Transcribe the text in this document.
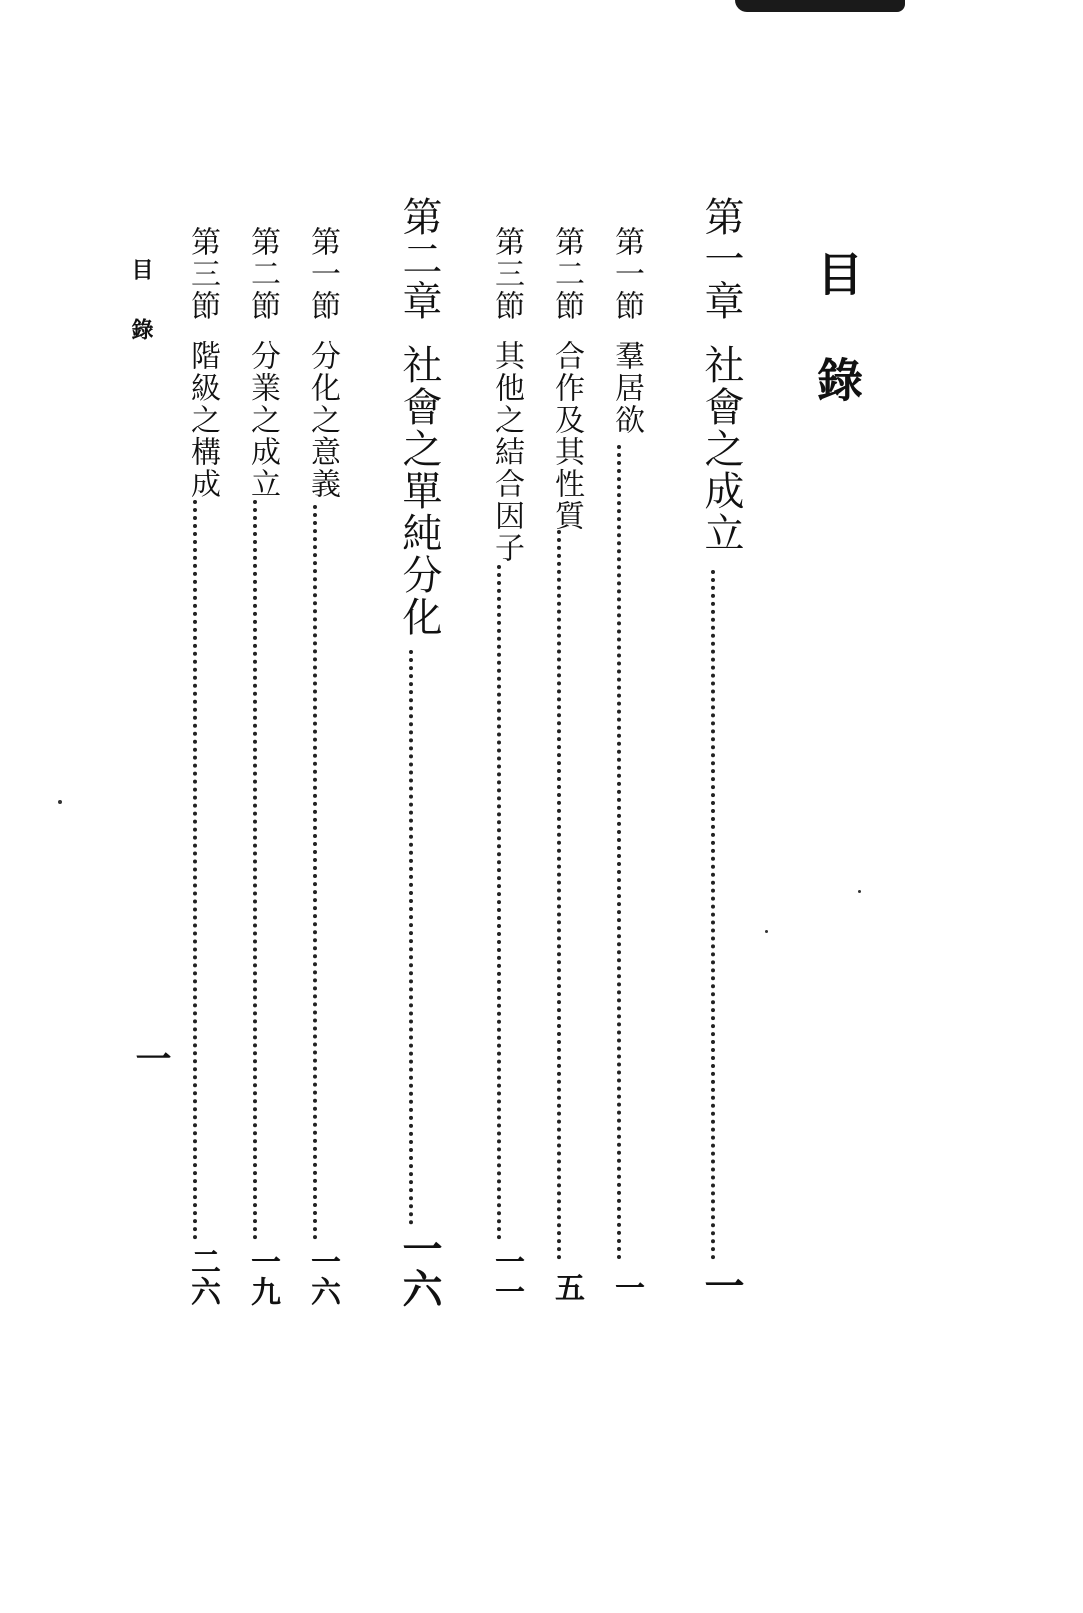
目錄
第一章社會之成立
一
第一節羣居欲
一
第二節合作及其性質
五
第三節其他之結合因子
一一
第二章社會之單純分化
一六
第一節分化之意義
一六
第二節分業之成立
一九
第三節階級之構成
二六
目錄
一
